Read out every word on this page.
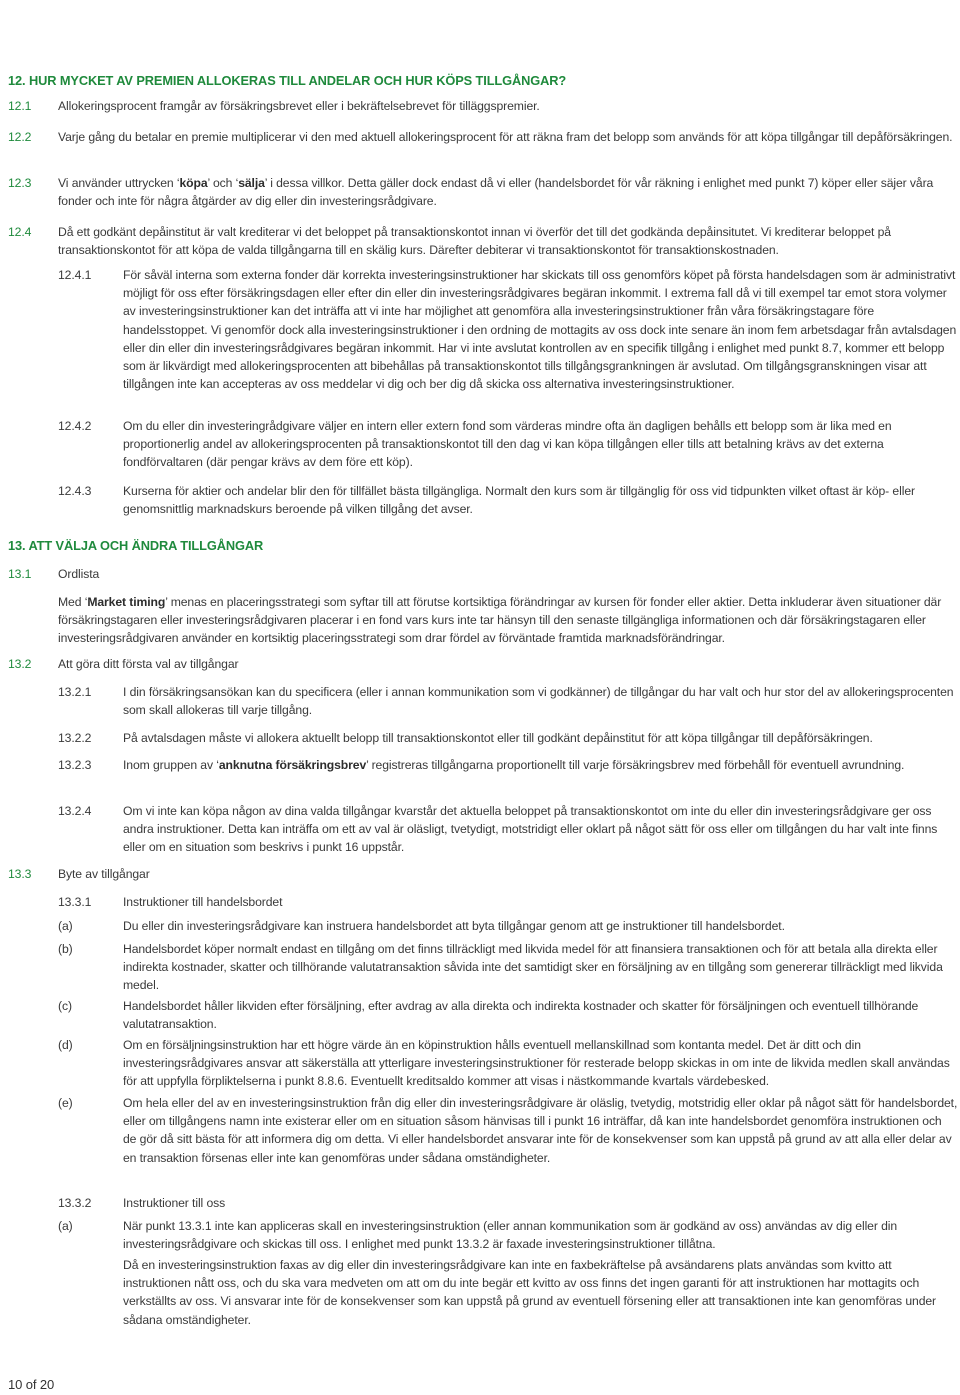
12. HUR MYCKET AV PREMIEN ALLOKERAS TILL ANDELAR OCH HUR KÖPS TILLGÅNGAR?
12.1	Allokeringsprocent framgår av försäkringsbrevet eller i bekräftelsebrevet för tilläggspremier.

12.2	Varje gång du betalar en premie multiplicerar vi den med aktuell allokeringsprocent för att räkna fram det belopp som används för att köpa tillgångar till depåförsäkringen.

12.3	Vi använder uttrycken ‘köpa’ och ‘sälja’ i dessa villkor. Detta gäller dock endast då vi eller (handelsbordet för vår räkning i enlighet med punkt 7) köper eller säjer våra fonder och inte för några åtgärder av dig eller din investeringsrådgivare.

12.4	Då ett godkänt depåinstitut är valt krediterar vi det beloppet på transaktionskontot innan vi överför det till det godkända depåinsitutet. Vi krediterar beloppet på transaktionskontot för att köpa de valda tillgångarna till en skälig kurs. Därefter debiterar vi transaktionskontot för transaktionskostnaden.

12.4.1	För såväl interna som externa fonder där korrekta investeringsinstruktioner har skickats till oss genomförs köpet på första handelsdagen som är administrativt möjligt för oss efter försäkringsdagen eller efter din eller din investeringsrådgivares begäran inkommit. I extrema fall då vi till exempel tar emot stora volymer av investeringsinstruktioner kan det inträffa att vi inte har möjlighet att genomföra alla investeringsinstruktioner från våra försäkringstagare före handelsstoppet. Vi genomför dock alla investeringsinstruktioner i den ordning de mottagits av oss dock inte senare än inom fem arbetsdagar från avtalsdagen eller din eller din investeringsrådgivares begäran inkommit. Har vi inte avslutat kontrollen av en specifik tillgång i enlighet med punkt 8.7, kommer ett belopp som är likvärdigt med allokeringsprocenten att bibehållas på transaktionskontot tills tillgångsgrankningen är avslutad. Om tillgångsgranskningen visar att tillgången inte kan accepteras av oss meddelar vi dig och ber dig då skicka oss alternativa investeringsinstruktioner.

12.4.2	Om du eller din investeringrådgivare väljer en intern eller extern fond som värderas mindre ofta än dagligen behålls ett belopp som är lika med en proportionerlig andel av allokeringsprocenten på transaktionskontot till den dag vi kan köpa tillgången eller tills att betalning krävs av det externa fondförvaltaren (där pengar krävs av dem före ett köp).

12.4.3	Kurserna för aktier och andelar blir den för tillfället bästa tillgängliga. Normalt den kurs som är tillgänglig för oss vid tidpunkten vilket oftast är köp- eller genomsnittlig marknadskurs beroende på vilken tillgång det avser.

13. ATT VÄLJA OCH ÄNDRA TILLGÅNGAR
13.1	Ordlista

Med ‘Market timing’ menas en placeringsstrategi som syftar till att förutse kortsiktiga förändringar av kursen för fonder eller aktier. Detta inkluderar även situationer där försäkringstagaren eller investeringsrådgivaren placerar i en fond vars kurs inte tar hänsyn till den senaste tillgängliga informationen och där försäkringstagaren eller investeringsrådgivaren använder en kortsiktig placeringsstrategi som drar fördel av förväntade framtida marknadsförändringar.

13.2	Att göra ditt första val av tillgångar
13.2.1	I din försäkringsansökan kan du specificera (eller i annan kommunikation som vi godkänner) de tillgångar du har valt och hur stor del av allokeringsprocenten som skall allokeras till varje tillgång.

13.2.2	På avtalsdagen måste vi allokera aktuellt belopp till transaktionskontot eller till godkänt depåinstitut för att köpa tillgångar till depåförsäkringen.

13.2.3	Inom gruppen av ‘anknutna försäkringsbrev’ registreras tillgångarna proportionellt till varje försäkringsbrev med förbehåll för eventuell avrundning.

13.2.4	Om vi inte kan köpa någon av dina valda tillgångar kvarstår det aktuella beloppet på transaktionskontot om inte du eller din investeringsrådgivare ger oss andra instruktioner. Detta kan inträffa om ett av val är oläsligt, tvetydigt, motstridigt eller oklart på något sätt för oss eller om tillgången du har valt inte finns eller om en situation som beskrivs i punkt 16 uppstår.

13.3	Byte av tillgångar
13.3.1	Instruktioner till handelsbordet
(a)	Du eller din investeringsrådgivare kan instruera handelsbordet att byta tillgångar genom att ge instruktioner till handelsbordet.

(b)	Handelsbordet köper normalt endast en tillgång om det finns tillräckligt med likvida medel för att finansiera transaktionen och för att betala alla direkta eller indirekta kostnader, skatter och tillhörande valutatransaktion såvida inte det samtidigt sker en försäljning av en tillgång som genererar tillräckligt med likvida medel.

(c)	Handelsbordet håller likviden efter försäljning, efter avdrag av alla direkta och indirekta kostnader och skatter för försäljningen och eventuell tillhörande valutatransaktion.

(d)	Om en försäljningsinstruktion har ett högre värde än en köpinstruktion hålls eventuell mellanskillnad som kontanta medel. Det är ditt och din investeringsrådgivares ansvar att säkerställa att ytterligare investeringsinstruktioner för resterade belopp skickas in om inte de likvida medlen skall användas för att uppfylla förpliktelserna i punkt 8.8.6. Eventuellt kreditsaldo kommer att visas i nästkommande kvartals värdebesked.

(e)	Om hela eller del av en investeringsinstruktion från dig eller din investeringsrådgivare är oläslig, tvetydig, motstridig eller oklar på något sätt för handelsbordet, eller om tillgångens namn inte existerar eller om en situation såsom hänvisas till i punkt 16 inträffar, då kan inte handelsbordet genomföra instruktionen och de gör då sitt bästa för att informera dig om detta. Vi eller handelsbordet ansvarar inte för de konsekvenser som kan uppstå på grund av att alla eller delar av en transaktion försenas eller inte kan genomföras under sådana omständigheter.

13.3.2	Instruktioner till oss
(a)	När punkt 13.3.1 inte kan appliceras skall en investeringsinstruktion (eller annan kommunikation som är godkänd av oss) användas av dig eller din investeringsrådgivare och skickas till oss. I enlighet med punkt 13.3.2 är faxade investeringsinstruktioner tillåtna.

Då en investeringsinstruktion faxas av dig eller din investeringsrådgivare kan inte en faxbekräftelse på avsändarens plats användas som kvitto att instruktionen nått oss, och du ska vara medveten om att om du inte begär ett kvitto av oss finns det ingen garanti för att instruktionen har mottagits och verkställts av oss. Vi ansvarar inte för de konsekvenser som kan uppstå på grund av eventuell försening eller att transaktionen inte kan genomföras under sådana omständigheter.

10 of 20
